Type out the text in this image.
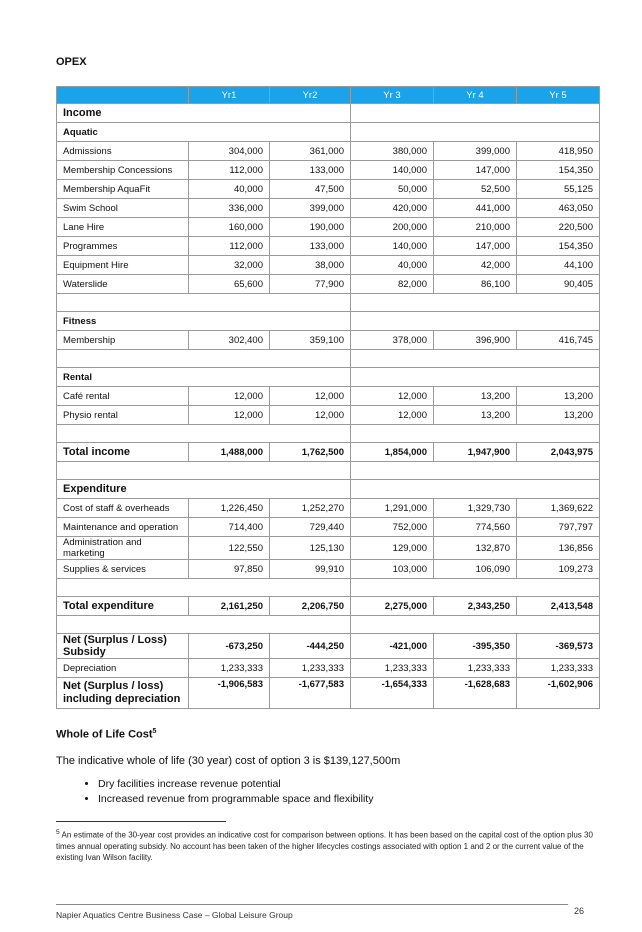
OPEX
	Yr1	Yr2	Yr 3	Yr 4	Yr 5
Income					
Aquatic					
Admissions	304,000	361,000	380,000	399,000	418,950
Membership Concessions	112,000	133,000	140,000	147,000	154,350
Membership AquaFit	40,000	47,500	50,000	52,500	55,125
Swim School	336,000	399,000	420,000	441,000	463,050
Lane Hire	160,000	190,000	200,000	210,000	220,500
Programmes	112,000	133,000	140,000	147,000	154,350
Equipment Hire	32,000	38,000	40,000	42,000	44,100
Waterslide	65,600	77,900	82,000	86,100	90,405

Fitness					
Membership	302,400	359,100	378,000	396,900	416,745

Rental					
Café rental	12,000	12,000	12,000	13,200	13,200
Physio rental	12,000	12,000	12,000	13,200	13,200

Total income	1,488,000	1,762,500	1,854,000	1,947,900	2,043,975

Expenditure					
Cost of staff & overheads	1,226,450	1,252,270	1,291,000	1,329,730	1,369,622
Maintenance and operation	714,400	729,440	752,000	774,560	797,797
Administration and marketing	122,550	125,130	129,000	132,870	136,856
Supplies & services	97,850	99,910	103,000	106,090	109,273

Total expenditure	2,161,250	2,206,750	2,275,000	2,343,250	2,413,548

Net (Surplus / Loss) Subsidy	-673,250	-444,250	-421,000	-395,350	-369,573
Depreciation	1,233,333	1,233,333	1,233,333	1,233,333	1,233,333
Net (Surplus / loss) including depreciation	-1,906,583	-1,677,583	-1,654,333	-1,628,683	-1,602,906
Whole of Life Cost$^5$
The indicative whole of life (30 year) cost of option 3 is $139,127,500m
• Dry facilities increase revenue potential
• Increased revenue from programmable space and flexibility
$^5$ An estimate of the 30-year cost provides an indicative cost for comparison between options. It has been based on the capital cost of the option plus 30 times annual operating subsidy. No account has been taken of the higher lifecycles costings associated with option 1 and 2 or the current value of the existing Ivan Wilson facility.
Napier Aquatics Centre Business Case – Global Leisure Group	26
